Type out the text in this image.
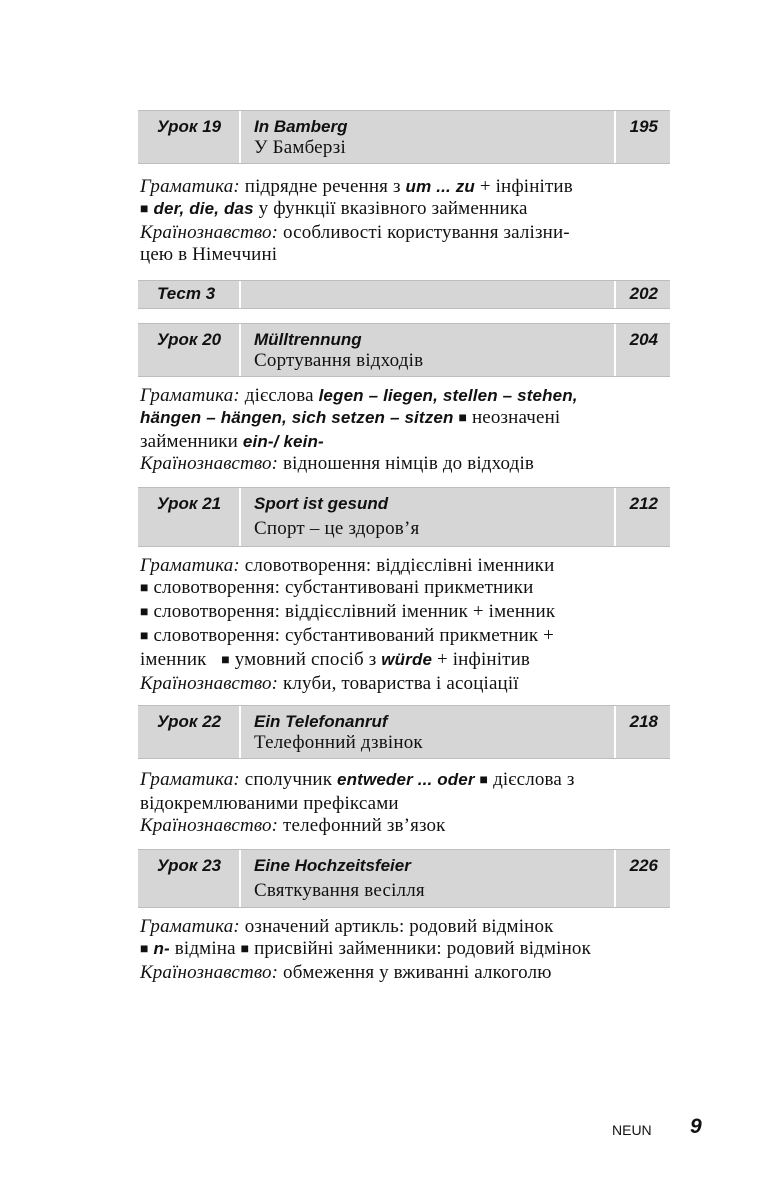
Урок 19 In Bamberg	195
У Бамберзі

Граматика: підрядне речення з um ... zu + інфінітив
■ der, die, das у функції вказівного займенника
Країнознавство: особливості користування залізни-
цею в Німеччині

Тест 3	202
Урок 20 Mülltrennung	204
Сортування відходів

Граматика: дієслова legen – liegen, stellen – stehen,
hängen – hängen, sich setzen – sitzen ■ неозначені
займенники ein-/ kein-
Країнознавство: відношення німців до відходів

Урок 21 Sport ist gesund	212
Спорт – це здоров’я

Граматика: словотворення: віддієслівні іменники
■ словотворення: субстантивовані прикметники
■ словотворення: віддієслівний іменник + іменник
■ словотворення: субстантивований прикметник +
іменник ■ умовний спосіб з würde + інфінітив
Країнознавство: клуби, товариства і асоціації

Урок 22 Ein Telefonanruf	218
Телефонний дзвінок

Граматика: сполучник entweder ... oder ■ дієслова з
відокремлюваними префіксами
Країнознавство: телефонний зв’язок

Урок 23 Eine Hochzeitsfeier	226
Святкування весілля

Граматика: означений артикль: родовий відмінок
■ n- відміна ■ присвійні займенники: родовий відмінок
Країнознавство: обмеження у вживанні алкоголю

NEUN 9
